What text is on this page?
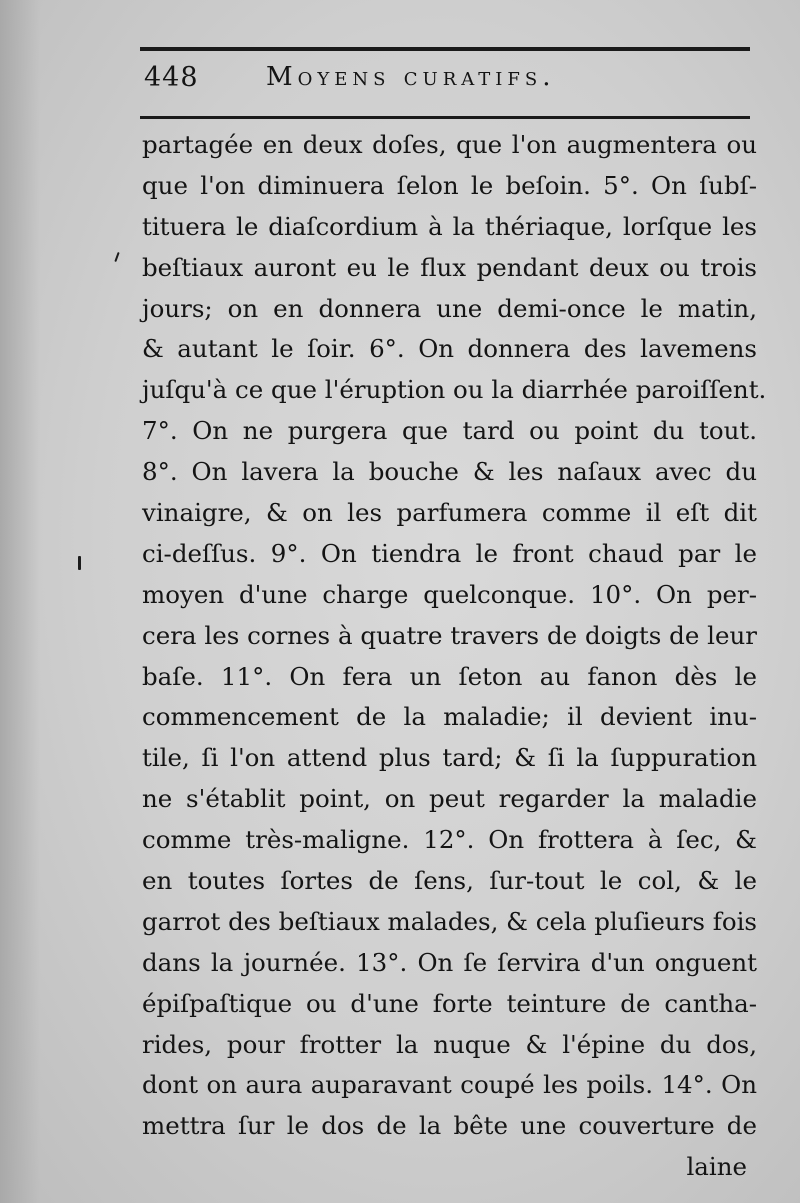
448	Moyens curatifs.
partagée en deux doſes, que l'on augmentera ou
que l'on diminuera ſelon le beſoin. 5°. On ſubſ-
tituera le diaſcordium à la thériaque, lorſque les
beſtiaux auront eu le flux pendant deux ou trois
jours; on en donnera une demi-once le matin,
& autant le ſoir. 6°. On donnera des lavemens
juſqu'à ce que l'éruption ou la diarrhée paroiſſent.
7°. On ne purgera que tard ou point du tout.
8°. On lavera la bouche & les naſaux avec du
vinaigre, & on les parfumera comme il eſt dit
ci-deſſus. 9°. On tiendra le front chaud par le
moyen d'une charge quelconque. 10°. On per-
cera les cornes à quatre travers de doigts de leur
baſe. 11°. On fera un ſeton au fanon dès le
commencement de la maladie; il devient inu-
tile, ſi l'on attend plus tard; & ſi la ſuppuration
ne s'établit point, on peut regarder la maladie
comme très-maligne. 12°. On frottera à ſec, &
en toutes ſortes de ſens, ſur-tout le col, & le
garrot des beſtiaux malades, & cela pluſieurs fois
dans la journée. 13°. On ſe ſervira d'un onguent
épiſpaſtique ou d'une forte teinture de cantha-
rides, pour frotter la nuque & l'épine du dos,
dont on aura auparavant coupé les poils. 14°. On
mettra ſur le dos de la bête une couverture de
laine
